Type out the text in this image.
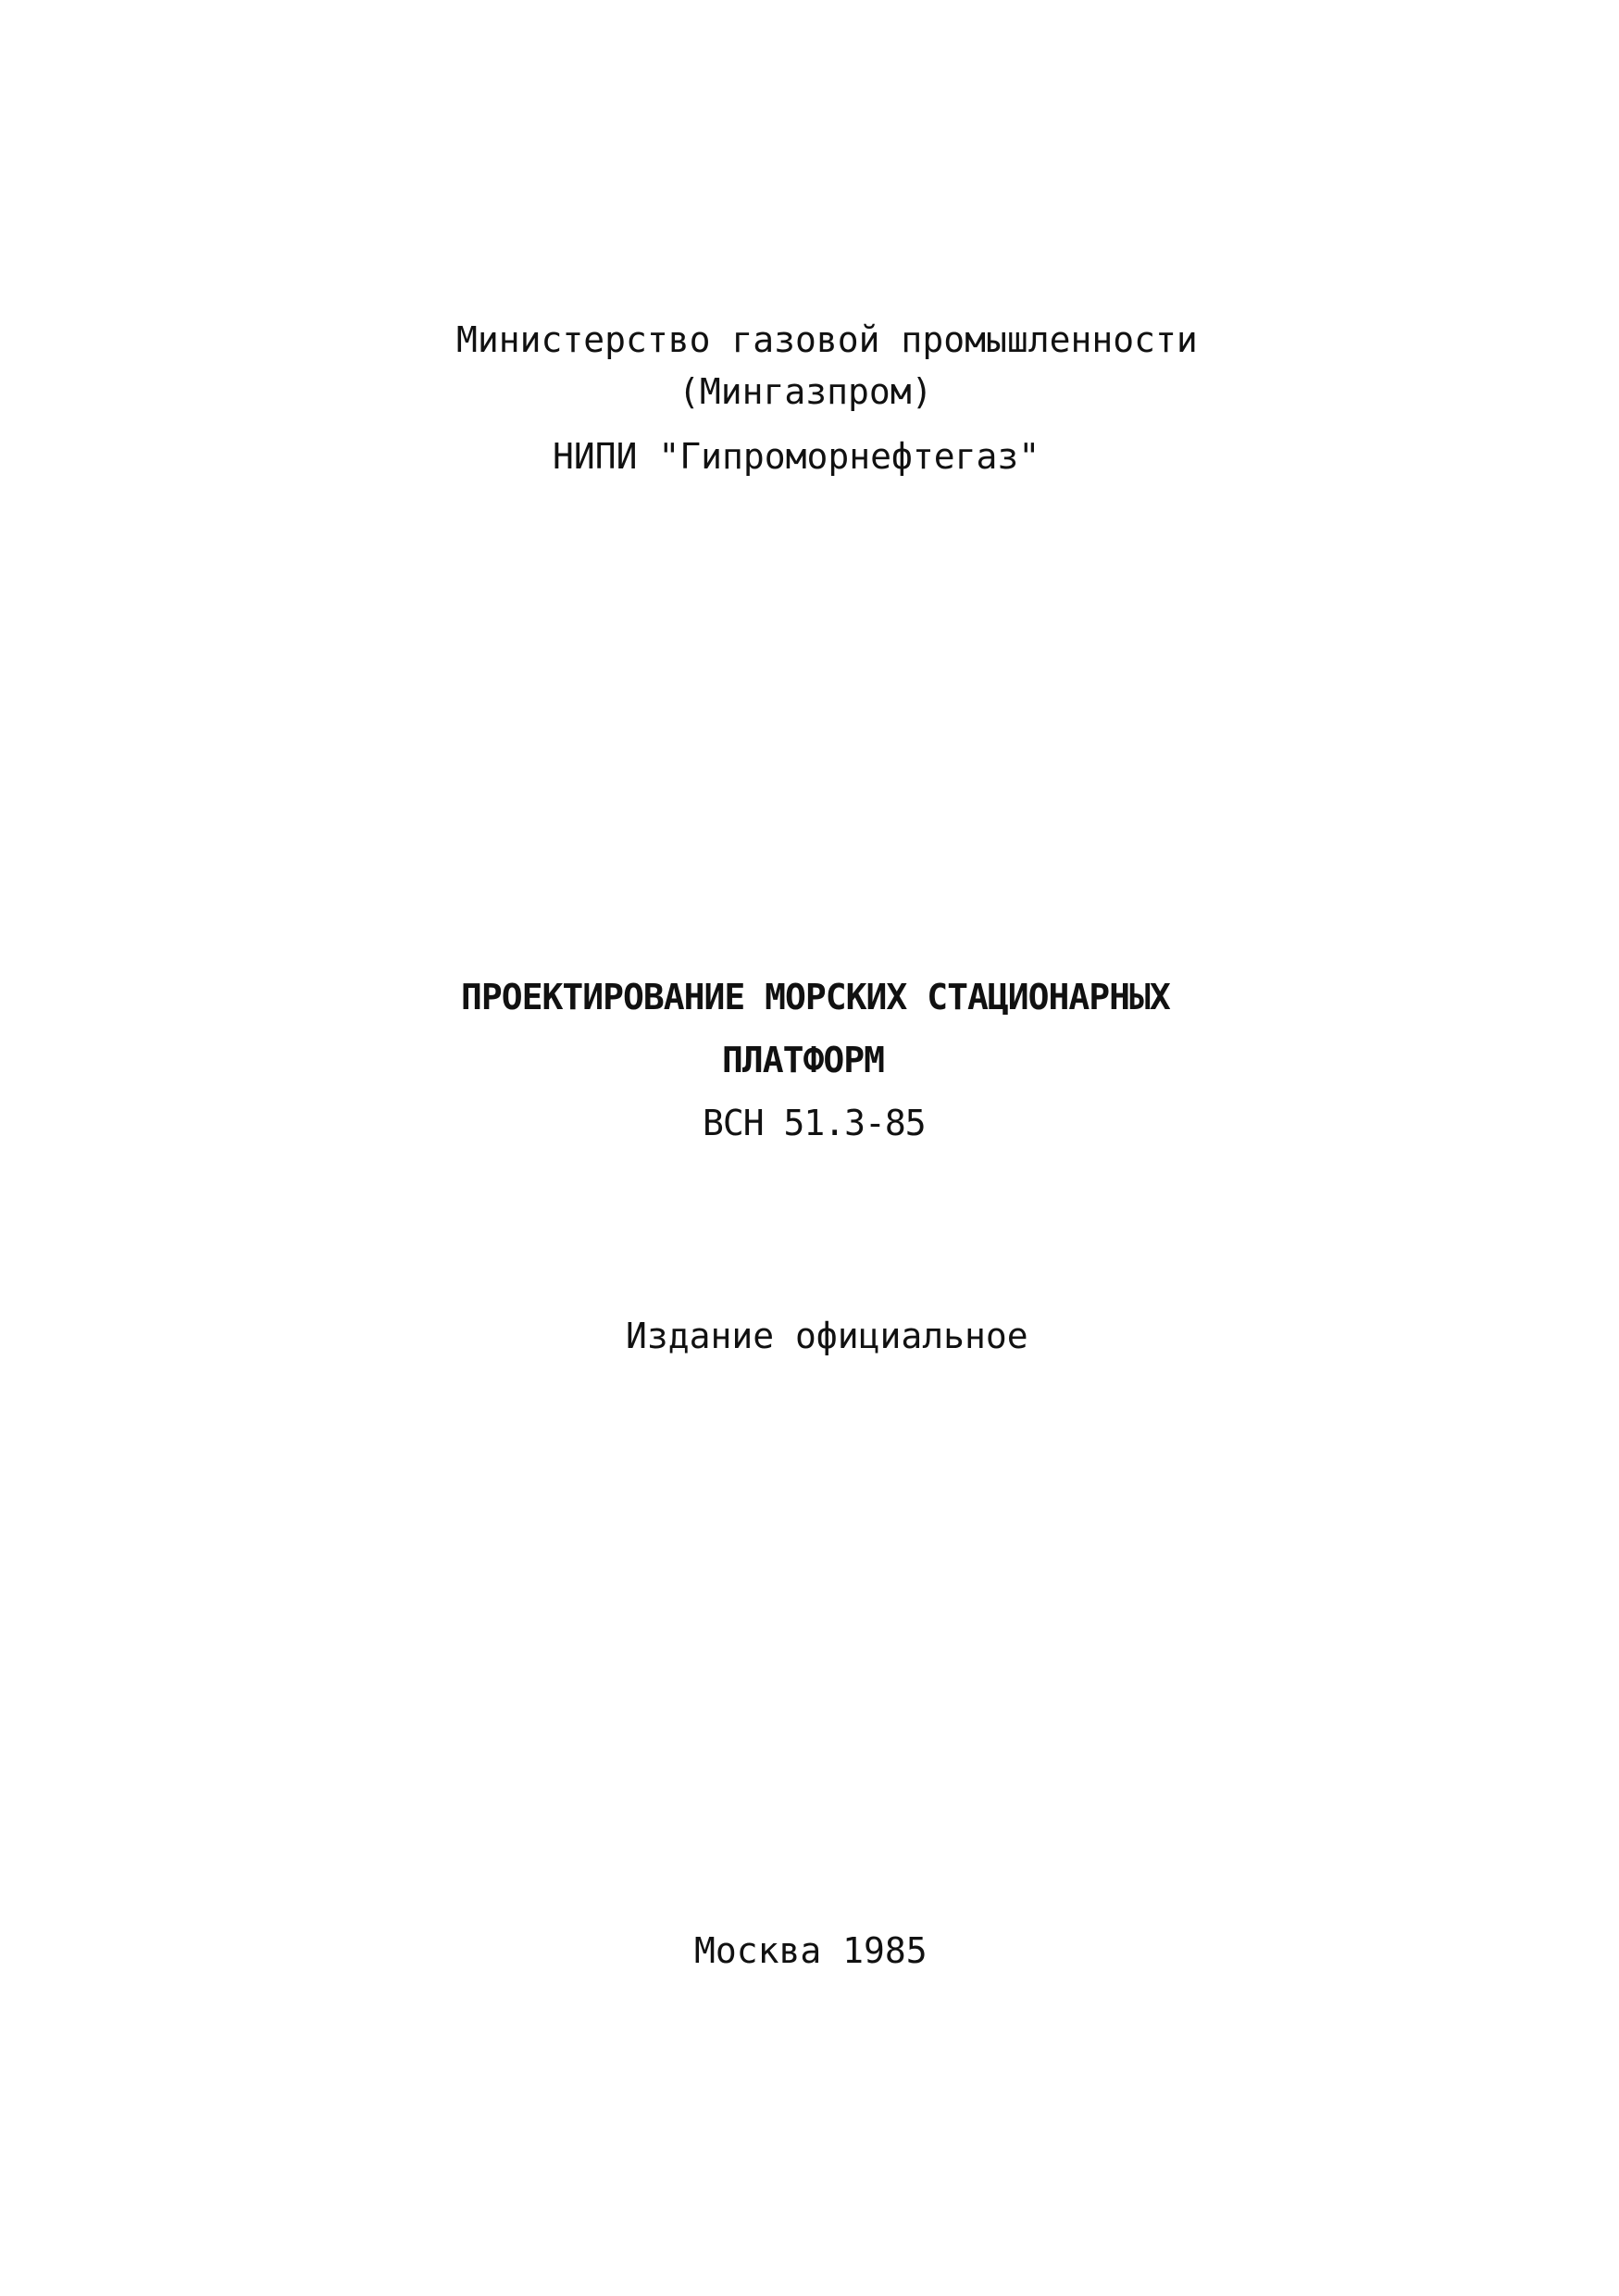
Министерство газовой промышленности
(Мингазпром)
НИПИ "Гипроморнефтегаз"
ПРОЕКТИРОВАНИЕ МОРСКИХ СТАЦИОНАРНЫХ
ПЛАТФОРМ
ВСН 51.3-85
Издание официальное
Москва 1985
